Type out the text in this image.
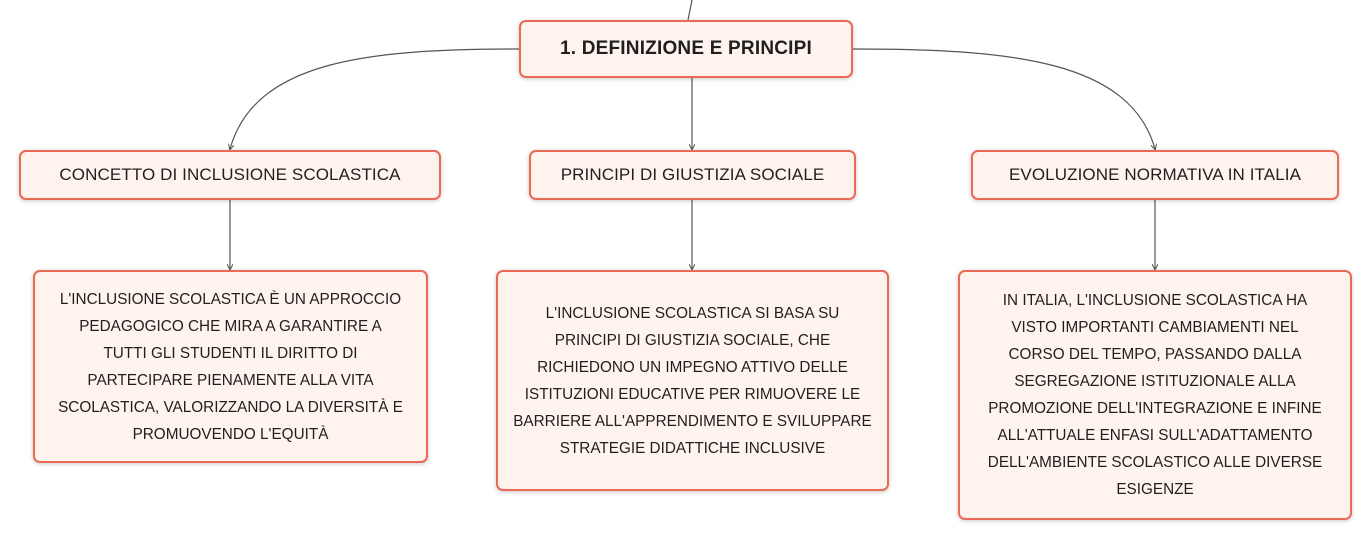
1. DEFINIZIONE E PRINCIPI
CONCETTO DI INCLUSIONE SCOLASTICA	PRINCIPI DI GIUSTIZIA SOCIALE	EVOLUZIONE NORMATIVA IN ITALIA
L'INCLUSIONE SCOLASTICA È UN APPROCCIO
PEDAGOGICO CHE MIRA A GARANTIRE A
TUTTI GLI STUDENTI IL DIRITTO DI
PARTECIPARE PIENAMENTE ALLA VITA
SCOLASTICA, VALORIZZANDO LA DIVERSITÀ E
PROMUOVENDO L'EQUITÀ
L'INCLUSIONE SCOLASTICA SI BASA SU
PRINCIPI DI GIUSTIZIA SOCIALE, CHE
RICHIEDONO UN IMPEGNO ATTIVO DELLE
ISTITUZIONI EDUCATIVE PER RIMUOVERE LE
BARRIERE ALL'APPRENDIMENTO E SVILUPPARE
STRATEGIE DIDATTICHE INCLUSIVE
IN ITALIA, L'INCLUSIONE SCOLASTICA HA
VISTO IMPORTANTI CAMBIAMENTI NEL
CORSO DEL TEMPO, PASSANDO DALLA
SEGREGAZIONE ISTITUZIONALE ALLA
PROMOZIONE DELL'INTEGRAZIONE E INFINE
ALL'ATTUALE ENFASI SULL'ADATTAMENTO
DELL'AMBIENTE SCOLASTICO ALLE DIVERSE
ESIGENZE
